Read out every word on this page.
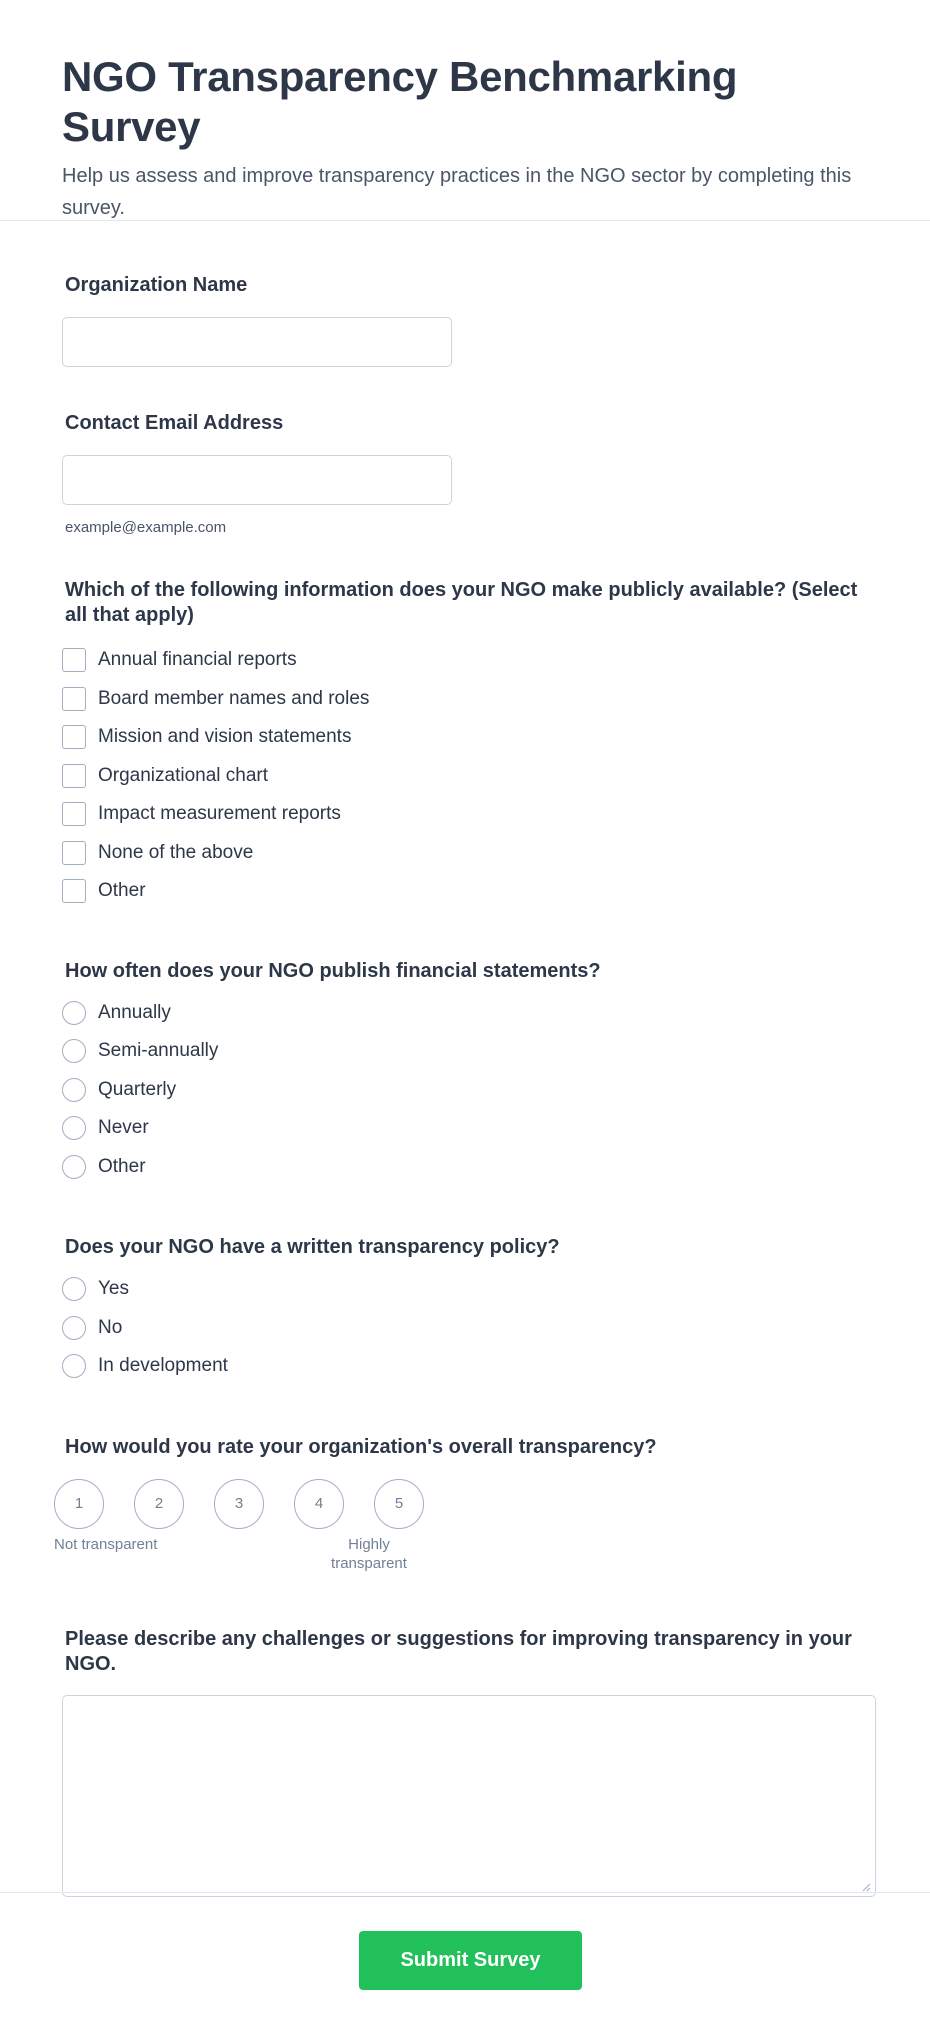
NGO Transparency Benchmarking Survey

Help us assess and improve transparency practices in the NGO sector by completing this survey.

Organization Name
Contact Email Address
example@example.com
Which of the following information does your NGO make publicly available? (Select all that apply)
Annual financial reports
Board member names and roles
Mission and vision statements
Organizational chart
Impact measurement reports
None of the above
Other
How often does your NGO publish financial statements?
Annually
Semi-annually
Quarterly
Never
Other
Does your NGO have a written transparency policy?
Yes
No
In development
How would you rate your organization's overall transparency?
1	2	3	4	5
Not transparent	Highly
transparent
Please describe any challenges or suggestions for improving transparency in your NGO.
Submit Survey
